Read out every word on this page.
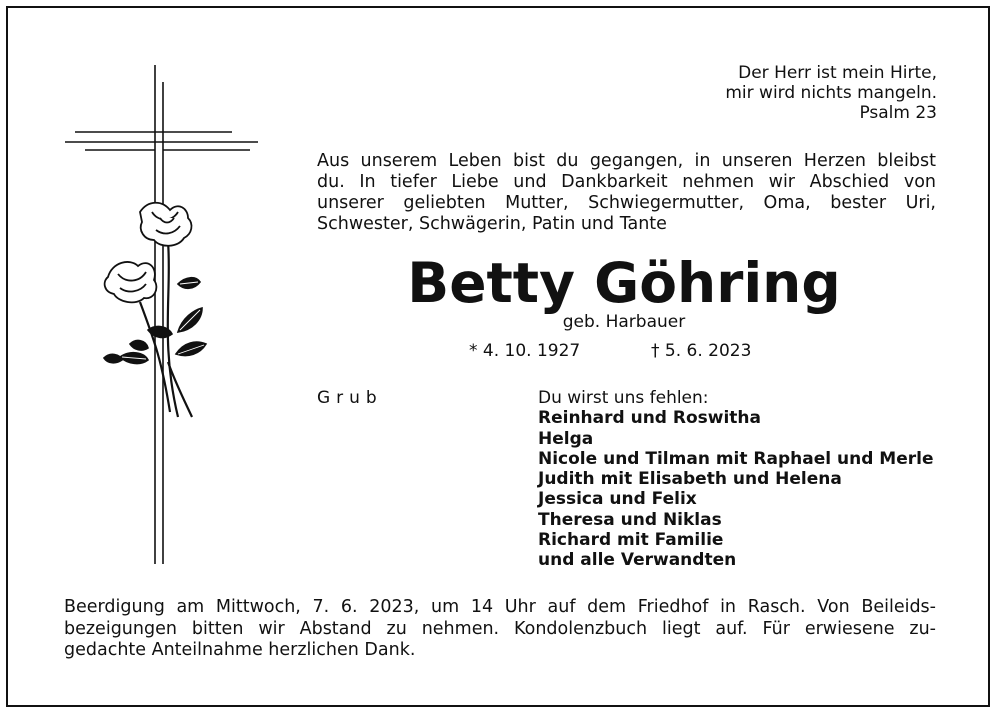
Der Herr ist mein Hirte,
mir wird nichts mangeln.
Psalm 23
Aus unserem Leben bist du gegangen, in unseren Herzen bleibst
du. In tiefer Liebe und Dankbarkeit nehmen wir Abschied von
unserer geliebten Mutter, Schwiegermutter, Oma, bester Uri,
Schwester, Schwägerin, Patin und Tante
Betty Göhring
geb. Harbauer
* 4. 10. 1927	† 5. 6. 2023
Grub	Du wirst uns fehlen:
Reinhard und Roswitha
Helga
Nicole und Tilman mit Raphael und Merle
Judith mit Elisabeth und Helena
Jessica und Felix
Theresa und Niklas
Richard mit Familie
und alle Verwandten
Beerdigung am Mittwoch, 7. 6. 2023, um 14 Uhr auf dem Friedhof in Rasch. Von Beileids-
bezeigungen bitten wir Abstand zu nehmen. Kondolenzbuch liegt auf. Für erwiesene zu-
gedachte Anteilnahme herzlichen Dank.
